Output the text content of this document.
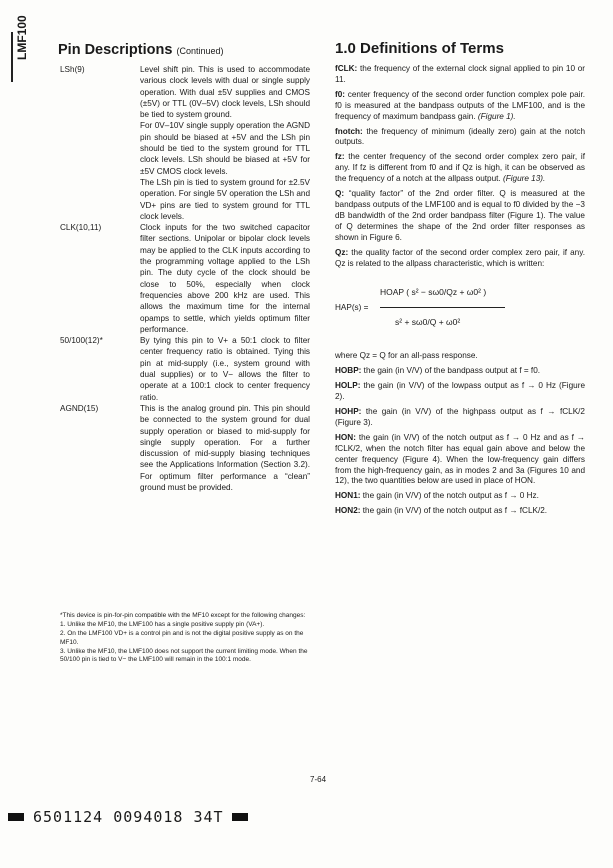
LMF100 Pin Descriptions (Continued)
LSh(9)	Level shift pin. This is used to accommodate various clock levels with dual or single supply operation. With dual ±5V supplies and CMOS (±5V) or TTL (0V–5V) clock levels, LSh should be tied to system ground.

For 0V–10V single supply operation the AGND pin should be biased at +5V and the LSh pin should be tied to the system ground for TTL clock levels. LSh should be biased at +5V for ±5V CMOS clock levels.

The LSh pin is tied to system ground for ±2.5V operation. For single 5V operation the LSh and VD+ pins are tied to system ground for TTL clock levels.

CLK(10,11)	Clock inputs for the two switched capacitor filter sections. Unipolar or bipolar clock levels may be applied to the CLK inputs according to the programming voltage applied to the LSh pin. The duty cycle of the clock should be close to 50%, especially when clock frequencies above 200 kHz are used. This allows the maximum time for the internal opamps to settle, which yields optimum filter performance.

50/100(12)*	By tying this pin to V+ a 50:1 clock to filter center frequency ratio is obtained. Tying this pin at mid-supply (i.e., system ground with dual supplies) or to V− allows the filter to operate at a 100:1 clock to center frequency ratio.

AGND(15)	This is the analog ground pin. This pin should be connected to the system ground for dual supply operation or biased to mid-supply for single supply operation. For a further discussion of mid-supply biasing techniques see the Applications Information (Section 3.2). For optimum filter performance a “clean” ground must be provided.

*This device is pin-for-pin compatible with the MF10 except for the following changes:

1. Unlike the MF10, the LMF100 has a single positive supply pin (VA+).

2. On the LMF100 VD+ is a control pin and is not the digital positive supply as on the MF10.

3. Unlike the MF10, the LMF100 does not support the current limiting mode. When the 50/100 pin is tied to V− the LMF100 will remain in the 100:1 mode.

1.0 Definitions of Terms

fCLK: the frequency of the external clock signal applied to pin 10 or 11.

f0: center frequency of the second order function complex pole pair. f0 is measured at the bandpass outputs of the LMF100, and is the frequency of maximum bandpass gain. (Figure 1).

fnotch: the frequency of minimum (ideally zero) gain at the notch outputs.

fz: the center frequency of the second order complex zero pair, if any. If fz is different from f0 and if Qz is high, it can be observed as the frequency of a notch at the allpass output. (Figure 13).

Q: “quality factor” of the 2nd order filter. Q is measured at the bandpass outputs of the LMF100 and is equal to f0 divided by the −3 dB bandwidth of the 2nd order bandpass filter (Figure 1). The value of Q determines the shape of the 2nd order filter responses as shown in Figure 6.

Qz: the quality factor of the second order complex zero pair, if any. Qz is related to the allpass characteristic, which is written:

HAP(s) =
HOAP ( s² − sω0/Qz + ω0² )
s² + sω0/Q + ω0²

where Qz = Q for an all-pass response.

HOBP: the gain (in V/V) of the bandpass output at f = f0.

HOLP: the gain (in V/V) of the lowpass output as f → 0 Hz (Figure 2).

HOHP: the gain (in V/V) of the highpass output as f → fCLK/2 (Figure 3).

HON: the gain (in V/V) of the notch output as f → 0 Hz and as f → fCLK/2, when the notch filter has equal gain above and below the center frequency (Figure 4). When the low-frequency gain differs from the high-frequency gain, as in modes 2 and 3a (Figures 10 and 12), the two quantities below are used in place of HON.

HON1: the gain (in V/V) of the notch output as f → 0 Hz.

HON2: the gain (in V/V) of the notch output as f → fCLK/2.

7-64
6501124 0094018 34T
